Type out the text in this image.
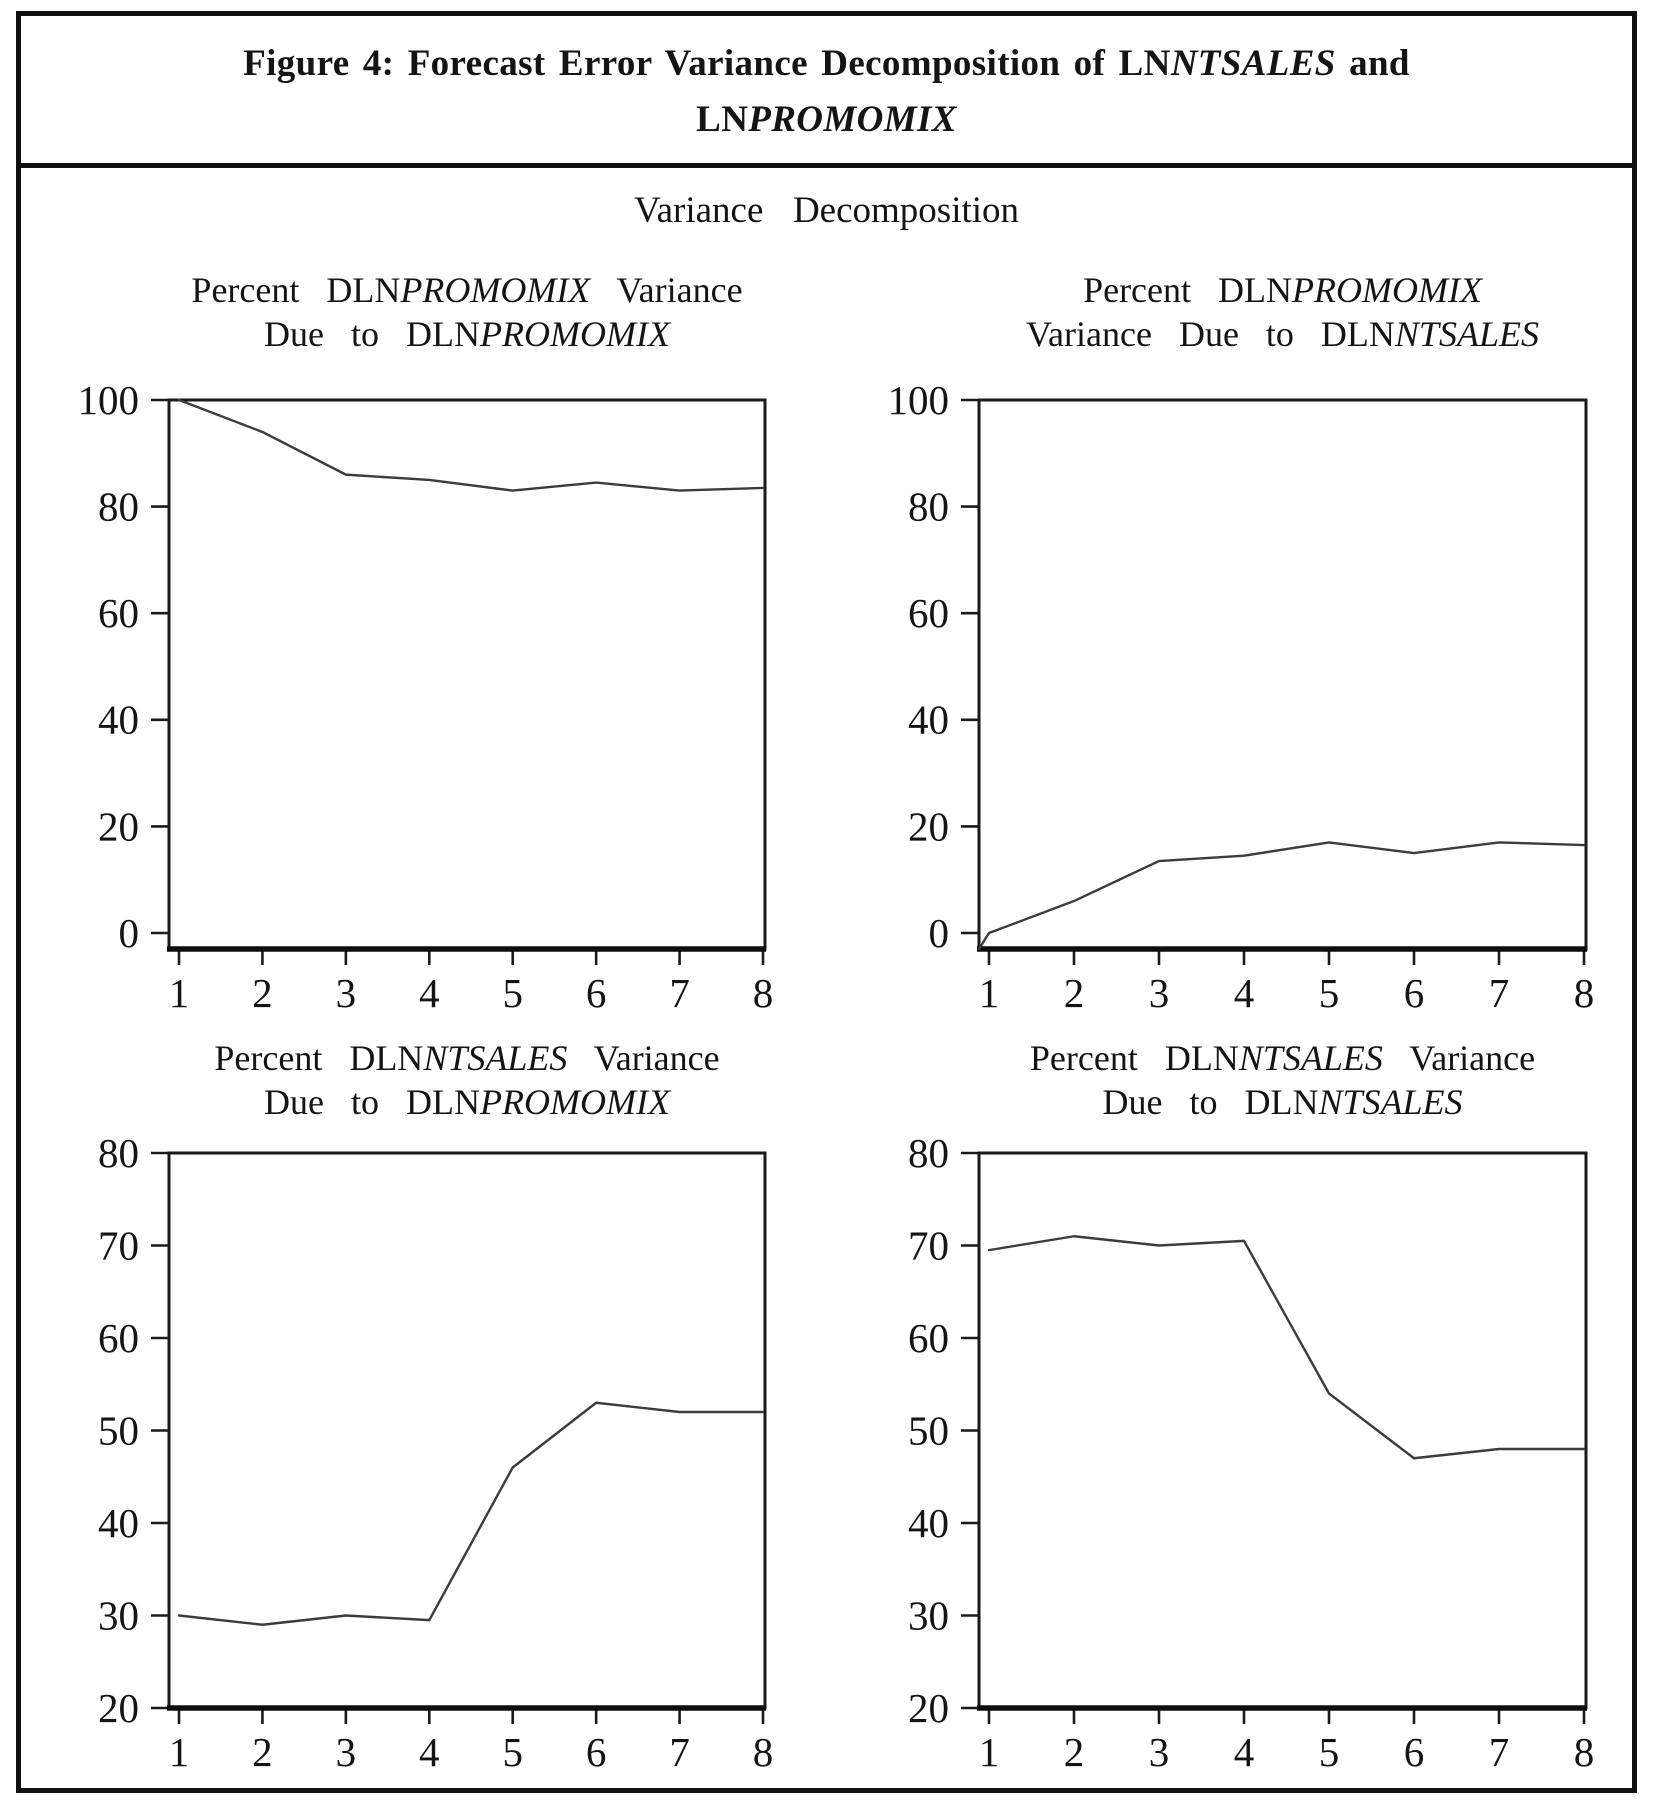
Figure 4: Forecast Error Variance Decomposition of LNNTSALES and
LNPROMOMIX
Variance Decomposition
Percent DLNPROMOMIX Variance
Due to DLNPROMOMIX
Percent DLNPROMOMIX
Variance Due to DLNNTSALES
Percent DLNNTSALES Variance
Due to DLNPROMOMIX
Percent DLNNTSALES Variance
Due to DLNNTSALES
0
20
40
60
80
100
1 2 3 4 5 6 7 8
0
20
40
60
80
100
1 2 3 4 5 6 7 8
20
30
40
50
60
70
80
1 2 3 4 5 6 7 8
20
30
40
50
60
70
80
1 2 3 4 5 6 7 8
